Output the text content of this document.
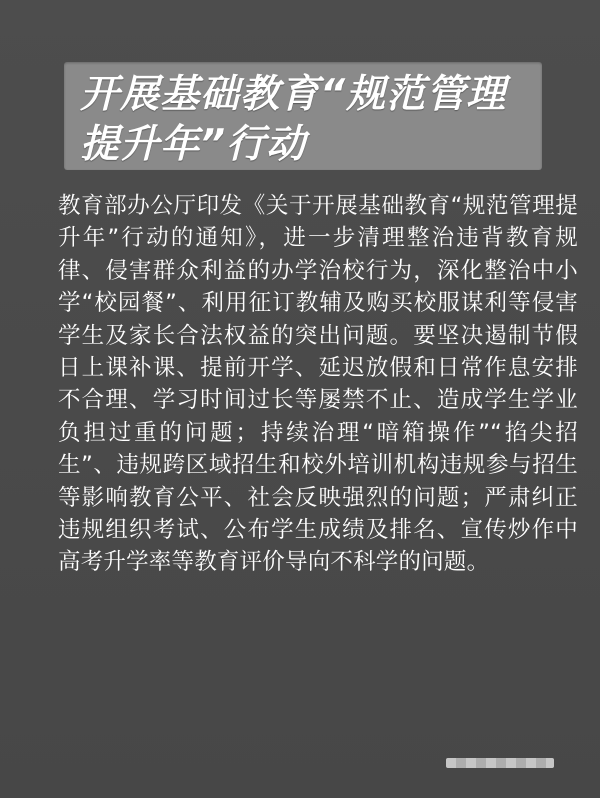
开展基础教育“规范管理提升年”行动

教育部办公厅印发《关于开展基础教育“规范管理提升年”行动的通知》，进一步清理整治违背教育规律、侵害群众利益的办学治校行为，深化整治中小学“校园餐”、利用征订教辅及购买校服谋利等侵害学生及家长合法权益的突出问题。要坚决遏制节假日上课补课、提前开学、延迟放假和日常作息安排不合理、学习时间过长等屡禁不止、造成学生学业负担过重的问题；持续治理“暗箱操作”“掐尖招生”、违规跨区域招生和校外培训机构违规参与招生等影响教育公平、社会反映强烈的问题；严肃纠正违规组织考试、公布学生成绩及排名、宣传炒作中高考升学率等教育评价导向不科学的问题。
